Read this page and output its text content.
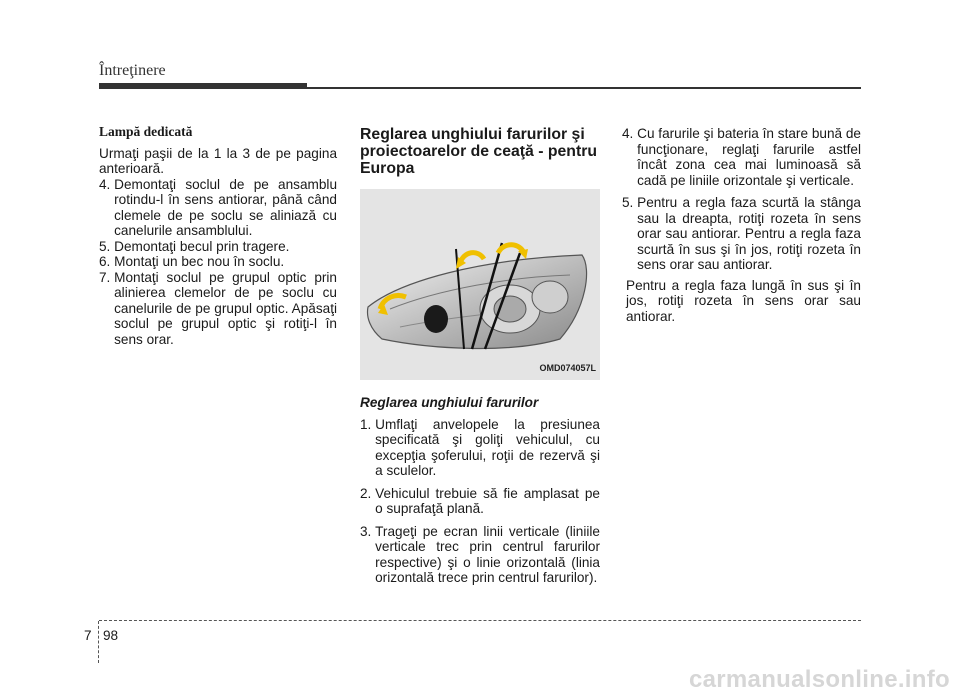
Întreţinere

Lampă dedicată

Urmaţi paşii de la 1 la 3 de pe pagina anterioară.

4.
Demontaţi soclul de pe ansamblu rotindu-l în sens antiorar, până când clemele de pe soclu se aliniază cu canelurile ansamblului.
5.
Demontaţi becul prin tragere.
6.
Montaţi un bec nou în soclu.
7.
Montaţi soclul pe grupul optic prin alinierea clemelor de pe soclu cu canelurile de pe grupul optic. Apăsaţi soclul pe grupul optic şi rotiţi-l în sens orar.

Reglarea unghiului farurilor şi proiectoarelor de ceaţă - pentru Europa

OMD074057L

Reglarea unghiului farurilor

1.
Umflaţi anvelopele la presiunea specificată şi goliţi vehiculul, cu excepţia şoferului, roţii de rezervă şi a sculelor.
2.
Vehiculul trebuie să fie amplasat pe o suprafaţă plană.
3.
Trageţi pe ecran linii verticale (liniile verticale trec prin centrul farurilor respective) şi o linie orizontală (linia orizontală trece prin centrul farurilor).
4.
Cu farurile şi bateria în stare bună de funcţionare, reglaţi farurile astfel încât zona cea mai luminoasă să cadă pe liniile orizontale şi verticale.
5.
Pentru a regla faza scurtă la stânga sau la dreapta, rotiţi rozeta în sens orar sau antiorar. Pentru a regla faza scurtă în sus şi în jos, rotiţi rozeta în sens orar sau antiorar.

Pentru a regla faza lungă în sus şi în jos, rotiţi rozeta în sens orar sau antiorar.

7 98
carmanualsonline.info
